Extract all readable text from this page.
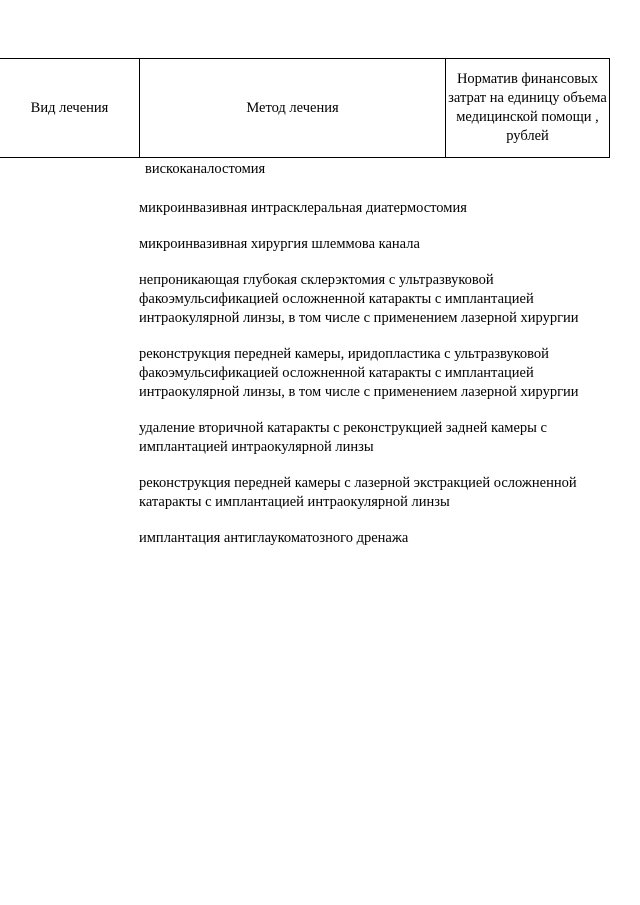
Вид лечения	Метод лечения
Норматив финансовых затрат на единицу объема медицинской помощи , рублей
вискоканалостомия
микроинвазивная интрасклеральная диатермостомия
микроинвазивная хирургия шлеммова канала
непроникающая глубокая склерэктомия с ультразвуковой факоэмульсификацией осложненной катаракты с имплантацией интраокулярной линзы, в том числе с применением лазерной хирургии
реконструкция передней камеры, иридопластика с ультразвуковой факоэмульсификацией осложненной катаракты с имплантацией интраокулярной линзы, в том числе с применением лазерной хирургии
удаление вторичной катаракты с реконструкцией задней камеры с имплантацией интраокулярной линзы
реконструкция передней камеры с лазерной экстракцией осложненной катаракты с имплантацией интраокулярной линзы
имплантация антиглаукоматозного дренажа
